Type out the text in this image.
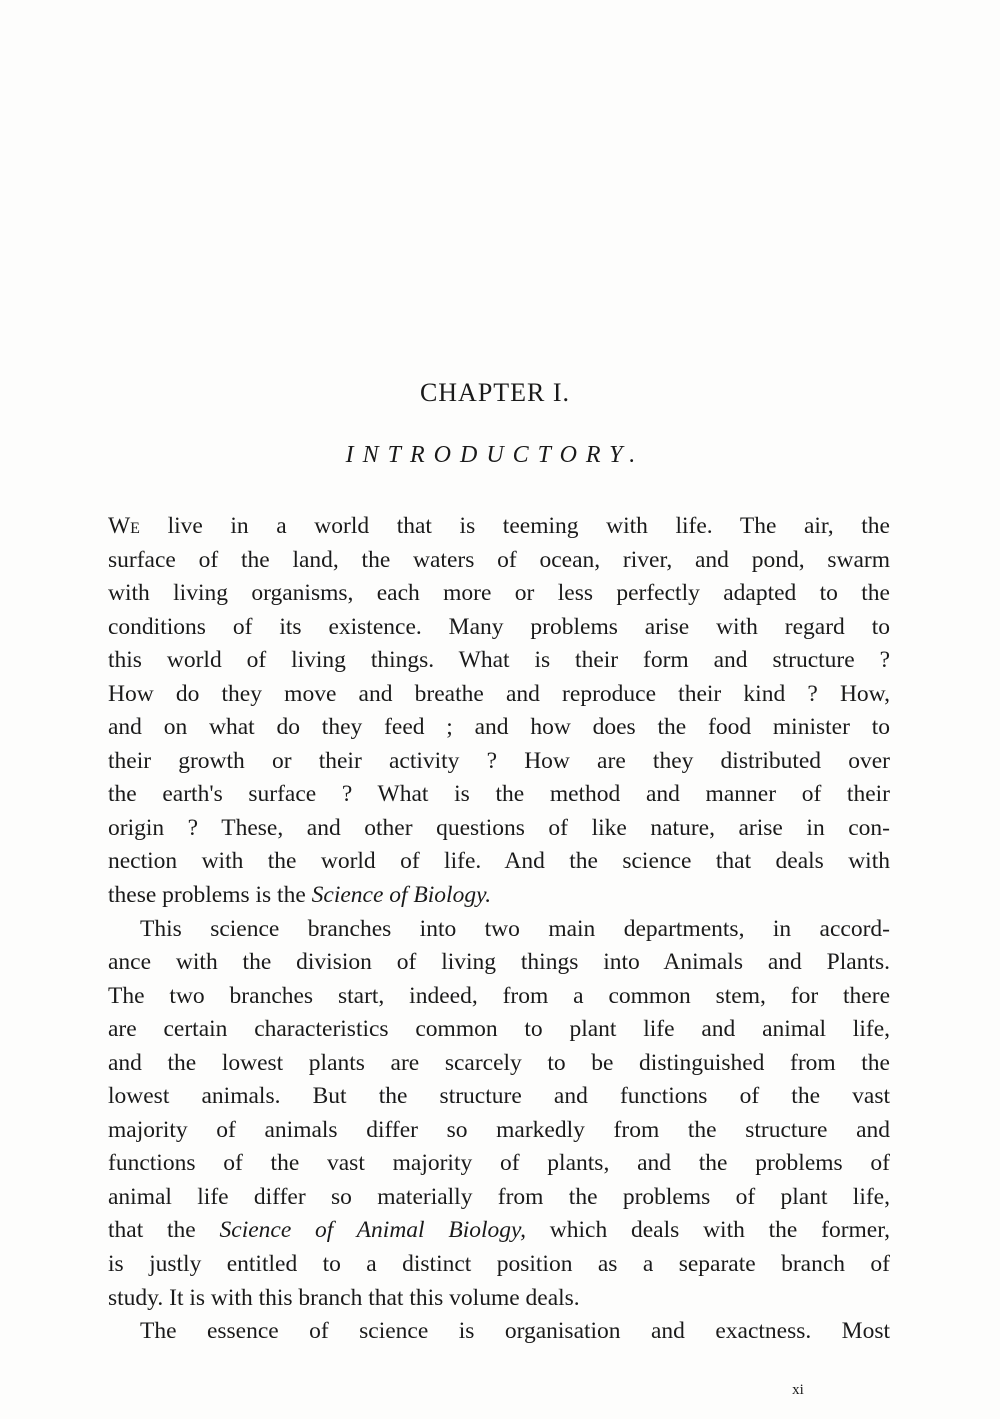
CHAPTER I.
INTRODUCTORY.
We live in a world that is teeming with life. The air, the
surface of the land, the waters of ocean, river, and pond, swarm
with living organisms, each more or less perfectly adapted to the
conditions of its existence. Many problems arise with regard to
this world of living things. What is their form and structure ?
How do they move and breathe and reproduce their kind ? How,
and on what do they feed ; and how does the food minister to
their growth or their activity ? How are they distributed over
the earth's surface ? What is the method and manner of their
origin ? These, and other questions of like nature, arise in con-
nection with the world of life. And the science that deals with
these problems is the Science of Biology.
This science branches into two main departments, in accord-
ance with the division of living things into Animals and Plants.
The two branches start, indeed, from a common stem, for there
are certain characteristics common to plant life and animal life,
and the lowest plants are scarcely to be distinguished from the
lowest animals. But the structure and functions of the vast
majority of animals differ so markedly from the structure and
functions of the vast majority of plants, and the problems of
animal life differ so materially from the problems of plant life,
that the Science of Animal Biology, which deals with the former,
is justly entitled to a distinct position as a separate branch of
study. It is with this branch that this volume deals.
The essence of science is organisation and exactness. Most
xi
